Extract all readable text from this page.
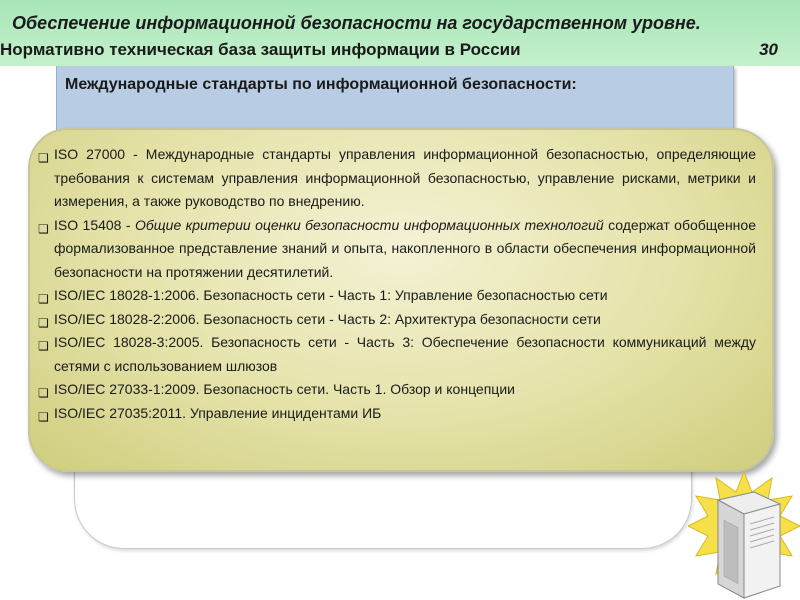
Обеспечение информационной безопасности на государственном уровне.
Нормативно техническая база защиты информации в России	30
Международные стандарты по информационной безопасности:
❑ ISO 27000 - Международные стандарты управления информационной безопасностью, определяющие требования к системам управления информационной безопасностью, управление рисками, метрики и измерения, а также руководство по внедрению.
❑ ISO 15408 - Общие критерии оценки безопасности информационных технологий содержат обобщенное формализованное представление знаний и опыта, накопленного в области обеспечения информационной безопасности на протяжении десятилетий.
❑ ISO/IEC 18028-1:2006. Безопасность сети - Часть 1: Управление безопасностью сети
❑ ISO/IEC 18028-2:2006. Безопасность сети - Часть 2: Архитектура безопасности сети
❑ ISO/IEC 18028-3:2005. Безопасность сети - Часть 3: Обеспечение безопасности коммуникаций между сетями с использованием шлюзов
❑ ISO/IEC 27033-1:2009. Безопасность сети. Часть 1. Обзор и концепции
❑ ISO/IEC 27035:2011. Управление инцидентами ИБ
